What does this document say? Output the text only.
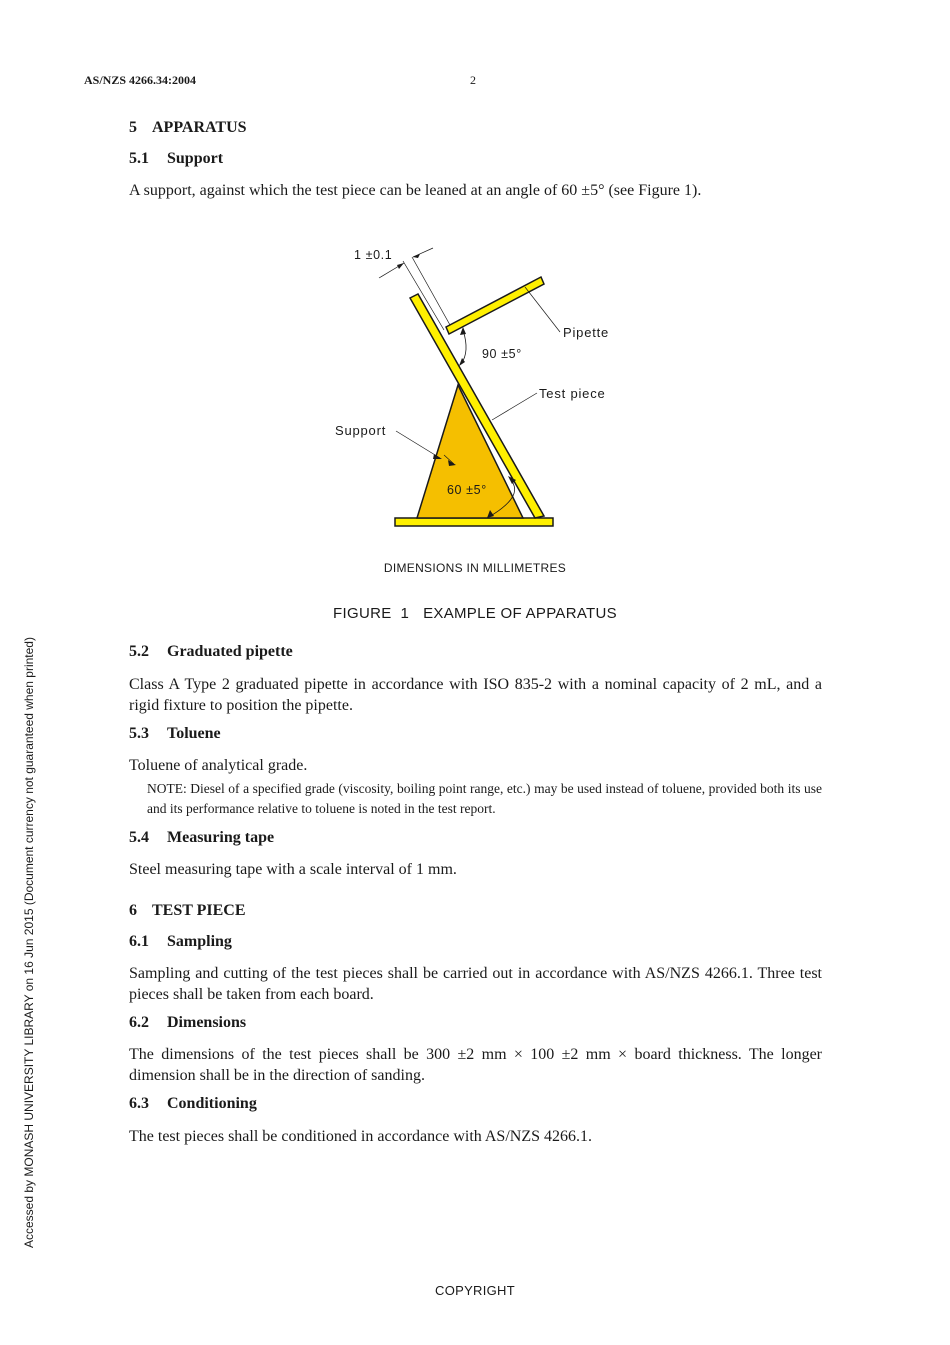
AS/NZS 4266.34:2004	2
5 APPARATUS
5.1 Support
A support, against which the test piece can be leaned at an angle of 60 ±5° (see Figure 1).
1 ±0.1
Pipette
90 ±5°
Test piece
Support
60 ±5°
DIMENSIONS IN MILLIMETRES
FIGURE  1 EXAMPLE OF APPARATUS
5.2 Graduated pipette
Class A Type 2 graduated pipette in accordance with ISO 835-2 with a nominal capacity of 2 mL, and a rigid fixture to position the pipette.
5.3 Toluene
Toluene of analytical grade.
NOTE: Diesel of a specified grade (viscosity, boiling point range, etc.) may be used instead of toluene, provided both its use and its performance relative to toluene is noted in the test report.
5.4 Measuring tape
Steel measuring tape with a scale interval of 1 mm.
6 TEST PIECE
6.1 Sampling
Sampling and cutting of the test pieces shall be carried out in accordance with AS/NZS 4266.1. Three test pieces shall be taken from each board.
6.2 Dimensions
The dimensions of the test pieces shall be 300 ±2 mm × 100 ±2 mm × board thickness. The longer dimension shall be in the direction of sanding.
6.3 Conditioning
The test pieces shall be conditioned in accordance with AS/NZS 4266.1.
Accessed by MONASH UNIVERSITY LIBRARY on 16 Jun 2015 (Document currency not guaranteed when printed)
COPYRIGHT
